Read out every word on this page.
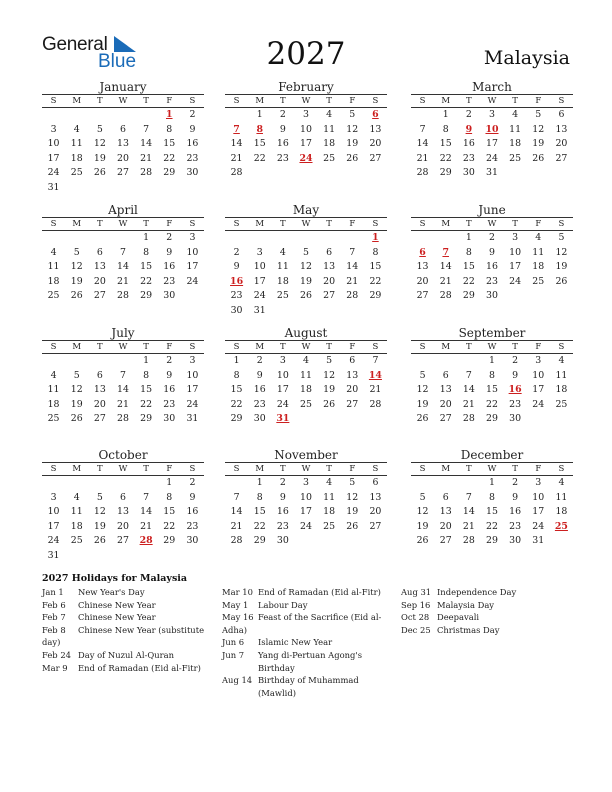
General
Blue	2027	Malaysia
January
S	M	T	W	T	F	S
					1	2
3	4	5	6	7	8	9
10	11	12	13	14	15	16
17	18	19	20	21	22	23
24	25	26	27	28	29	30
31						
February
S	M	T	W	T	F	S
	1	2	3	4	5	6
7	8	9	10	11	12	13
14	15	16	17	18	19	20
21	22	23	24	25	26	27
28						
March
S	M	T	W	T	F	S
	1	2	3	4	5	6
7	8	9	10	11	12	13
14	15	16	17	18	19	20
21	22	23	24	25	26	27
28	29	30	31			
April
S	M	T	W	T	F	S
				1	2	3
4	5	6	7	8	9	10
11	12	13	14	15	16	17
18	19	20	21	22	23	24
25	26	27	28	29	30	
May
S	M	T	W	T	F	S
						1
2	3	4	5	6	7	8
9	10	11	12	13	14	15
16	17	18	19	20	21	22
23	24	25	26	27	28	29
30	31					
June
S	M	T	W	T	F	S
		1	2	3	4	5
6	7	8	9	10	11	12
13	14	15	16	17	18	19
20	21	22	23	24	25	26
27	28	29	30			
July
S	M	T	W	T	F	S
				1	2	3
4	5	6	7	8	9	10
11	12	13	14	15	16	17
18	19	20	21	22	23	24
25	26	27	28	29	30	31
August
S	M	T	W	T	F	S
1	2	3	4	5	6	7
8	9	10	11	12	13	14
15	16	17	18	19	20	21
22	23	24	25	26	27	28
29	30	31				
September
S	M	T	W	T	F	S
			1	2	3	4
5	6	7	8	9	10	11
12	13	14	15	16	17	18
19	20	21	22	23	24	25
26	27	28	29	30		
October
S	M	T	W	T	F	S
					1	2
3	4	5	6	7	8	9
10	11	12	13	14	15	16
17	18	19	20	21	22	23
24	25	26	27	28	29	30
31						
November
S	M	T	W	T	F	S
	1	2	3	4	5	6
7	8	9	10	11	12	13
14	15	16	17	18	19	20
21	22	23	24	25	26	27
28	29	30				
December
S	M	T	W	T	F	S
			1	2	3	4
5	6	7	8	9	10	11
12	13	14	15	16	17	18
19	20	21	22	23	24	25
26	27	28	29	30	31	
2027 Holidays for Malaysia
Jan 1	New Year's Day
Feb 6	Chinese New Year
Feb 7	Chinese New Year
Feb 8	Chinese New Year (substitute
day)
Feb 24 Day of Nuzul Al-Quran
Mar 9	End of Ramadan (Eid al-Fitr)
Mar 10 End of Ramadan (Eid al-Fitr)
May 1	Labour Day
May 16 Feast of the Sacrifice (Eid al-
Adha)
Jun 6	Islamic New Year
Jun 7	Yang di-Pertuan Agong's Birthday
Aug 14 Birthday of Muhammad (Mawlid)
Aug 31 Independence Day
Sep 16 Malaysia Day
Oct 28 Deepavali
Dec 25 Christmas Day
